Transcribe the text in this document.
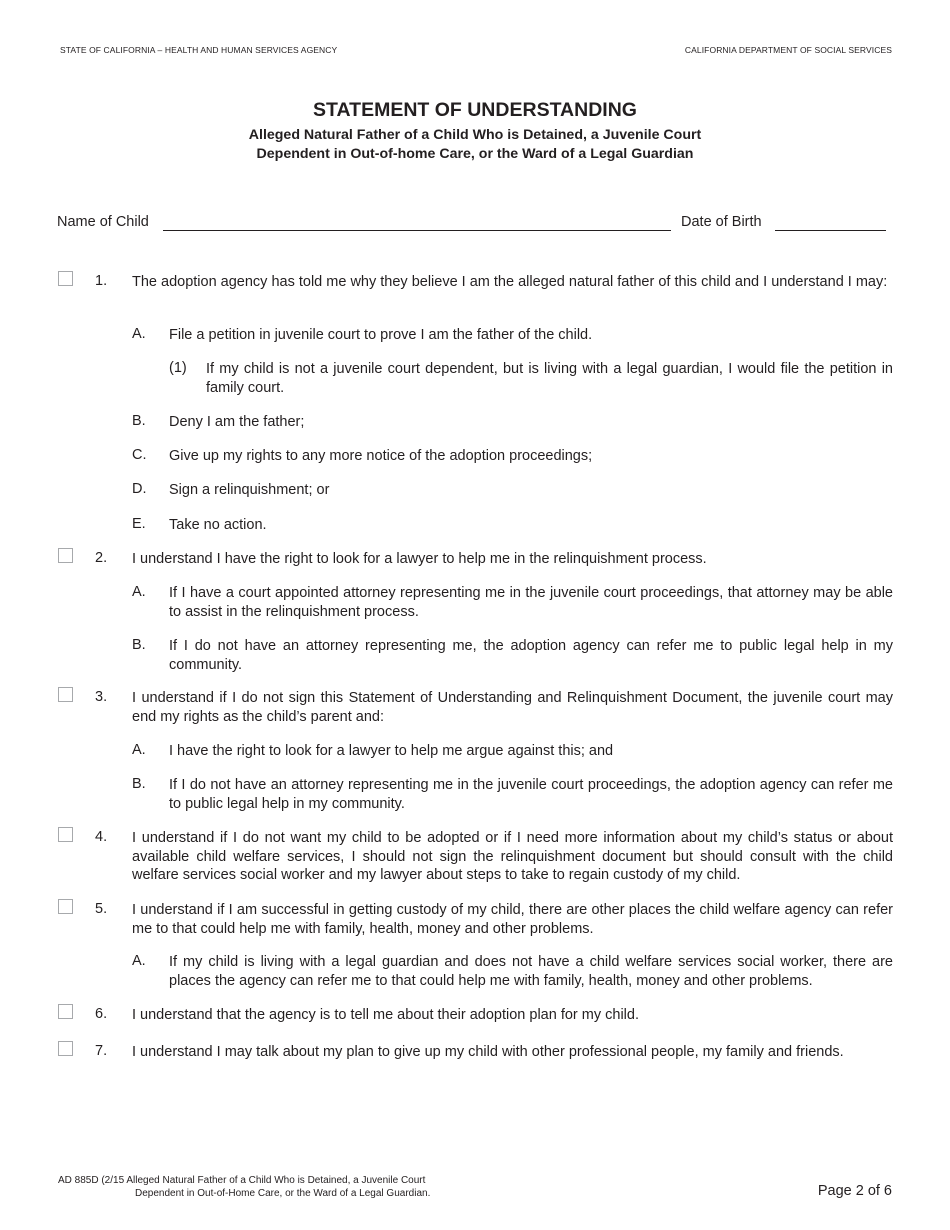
STATE OF CALIFORNIA – HEALTH AND HUMAN SERVICES AGENCY	CALIFORNIA DEPARTMENT OF SOCIAL SERVICES
STATEMENT OF UNDERSTANDING
Alleged Natural Father of a Child Who is Detained, a Juvenile Court
Dependent in Out-of-home Care, or the Ward of a Legal Guardian
Name of Child	Date of Birth
1. The adoption agency has told me why they believe I am the alleged natural father of this child and I understand I may:
A. File a petition in juvenile court to prove I am the father of the child.
(1) If my child is not a juvenile court dependent, but is living with a legal guardian, I would file the petition in family court.
B. Deny I am the father;
C. Give up my rights to any more notice of the adoption proceedings;
D. Sign a relinquishment; or
E. Take no action.
2. I understand I have the right to look for a lawyer to help me in the relinquishment process.
A. If I have a court appointed attorney representing me in the juvenile court proceedings, that attorney may be able to assist in the relinquishment process.
B. If I do not have an attorney representing me, the adoption agency can refer me to public legal help in my community.
3. I understand if I do not sign this Statement of Understanding and Relinquishment Document, the juvenile court may end my rights as the child’s parent and:
A. I have the right to look for a lawyer to help me argue against this; and
B. If I do not have an attorney representing me in the juvenile court proceedings, the adoption agency can refer me to public legal help in my community.
4. I understand if I do not want my child to be adopted or if I need more information about my child’s status or about available child welfare services, I should not sign the relinquishment document but should consult with the child welfare services social worker and my lawyer about steps to take to regain custody of my child.
5. I understand if I am successful in getting custody of my child, there are other places the child welfare agency can refer me to that could help me with family, health, money and other problems.
A. If my child is living with a legal guardian and does not have a child welfare services social worker, there are places the agency can refer me to that could help me with family, health, money and other problems.
6. I understand that the agency is to tell me about their adoption plan for my child.
7. I understand I may talk about my plan to give up my child with other professional people, my family and friends.
AD 885D (2/15 Alleged Natural Father of a Child Who is Detained, a Juvenile Court
Dependent in Out-of-Home Care, or the Ward of a Legal Guardian.	Page 2 of 6
